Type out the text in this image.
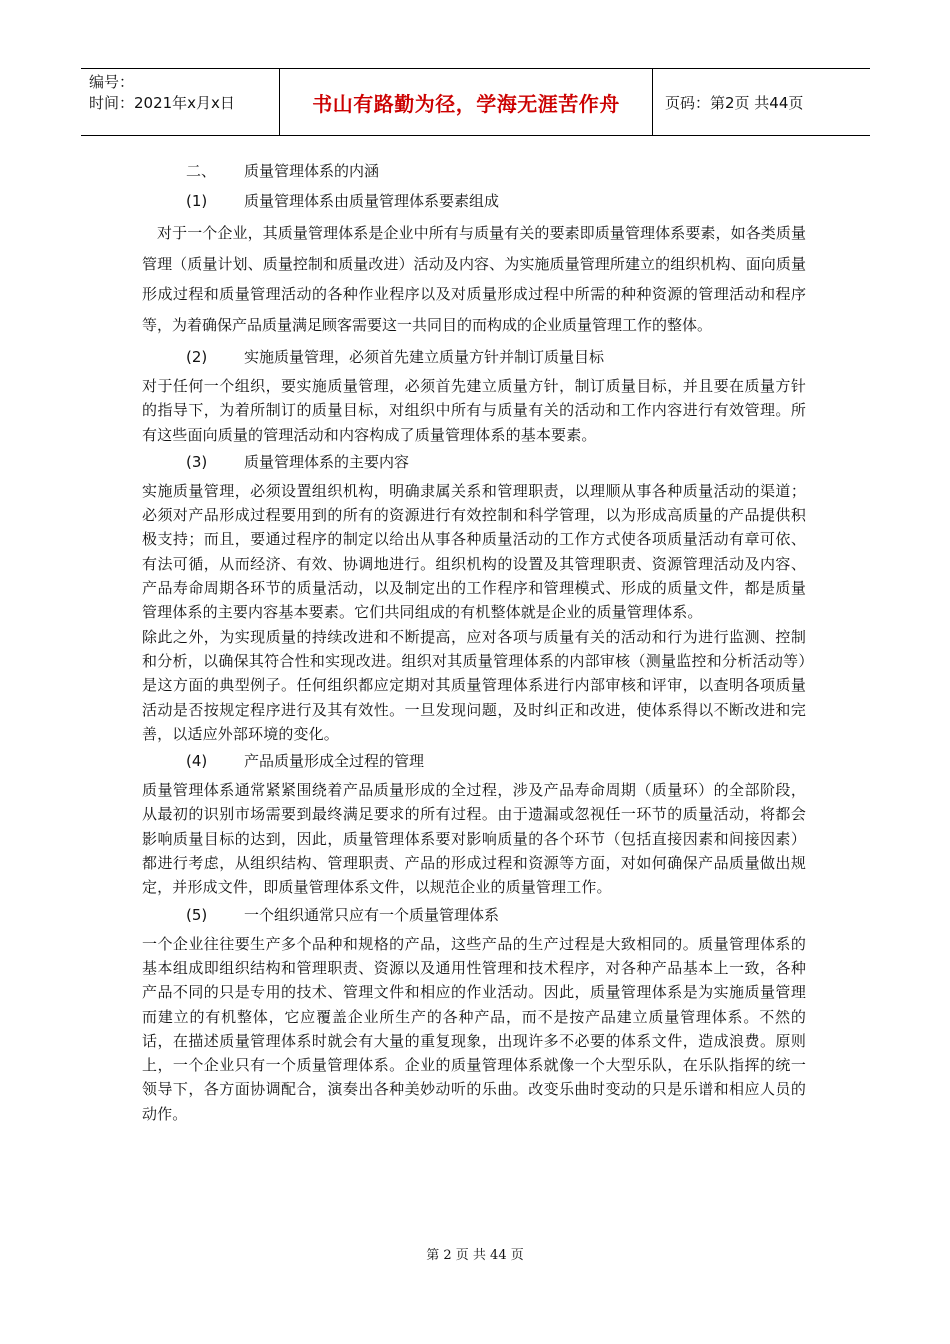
编号：
时间：2021年x月x日	书山有路勤为径，学海无涯苦作舟	页码：第2页 共44页
二、	质量管理体系的内涵
(1)	质量管理体系由质量管理体系要素组成

对于一个企业，其质量管理体系是企业中所有与质量有关的要素即质量管理体系要素，如各类质量管理（质量计划、质量控制和质量改进）活动及内容、为实施质量管理所建立的组织机构、面向质量形成过程和质量管理活动的各种作业程序以及对质量形成过程中所需的种种资源的管理活动和程序等，为着确保产品质量满足顾客需要这一共同目的而构成的企业质量管理工作的整体。

(2)	实施质量管理，必须首先建立质量方针并制订质量目标

对于任何一个组织，要实施质量管理，必须首先建立质量方针，制订质量目标，并且要在质量方针的指导下，为着所制订的质量目标，对组织中所有与质量有关的活动和工作内容进行有效管理。所有这些面向质量的管理活动和内容构成了质量管理体系的基本要素。

(3)	质量管理体系的主要内容

实施质量管理，必须设置组织机构，明确隶属关系和管理职责，以理顺从事各种质量活动的渠道；必须对产品形成过程要用到的所有的资源进行有效控制和科学管理，以为形成高质量的产品提供积极支持；而且，要通过程序的制定以给出从事各种质量活动的工作方式使各项质量活动有章可依、有法可循，从而经济、有效、协调地进行。组织机构的设置及其管理职责、资源管理活动及内容、产品寿命周期各环节的质量活动，以及制定出的工作程序和管理模式、形成的质量文件，都是质量管理体系的主要内容基本要素。它们共同组成的有机整体就是企业的质量管理体系。

除此之外，为实现质量的持续改进和不断提高，应对各项与质量有关的活动和行为进行监测、控制和分析，以确保其符合性和实现改进。组织对其质量管理体系的内部审核（测量监控和分析活动等）是这方面的典型例子。任何组织都应定期对其质量管理体系进行内部审核和评审，以查明各项质量活动是否按规定程序进行及其有效性。一旦发现问题，及时纠正和改进，使体系得以不断改进和完善，以适应外部环境的变化。

(4)	产品质量形成全过程的管理

质量管理体系通常紧紧围绕着产品质量形成的全过程，涉及产品寿命周期（质量环）的全部阶段，从最初的识别市场需要到最终满足要求的所有过程。由于遗漏或忽视任一环节的质量活动，将都会影响质量目标的达到，因此，质量管理体系要对影响质量的各个环节（包括直接因素和间接因素）都进行考虑，从组织结构、管理职责、产品的形成过程和资源等方面，对如何确保产品质量做出规定，并形成文件，即质量管理体系文件，以规范企业的质量管理工作。

(5)	一个组织通常只应有一个质量管理体系

一个企业往往要生产多个品种和规格的产品，这些产品的生产过程是大致相同的。质量管理体系的基本组成即组织结构和管理职责、资源以及通用性管理和技术程序，对各种产品基本上一致，各种产品不同的只是专用的技术、管理文件和相应的作业活动。因此，质量管理体系是为实施质量管理而建立的有机整体，它应覆盖企业所生产的各种产品，而不是按产品建立质量管理体系。不然的话，在描述质量管理体系时就会有大量的重复现象，出现许多不必要的体系文件，造成浪费。原则上，一个企业只有一个质量管理体系。企业的质量管理体系就像一个大型乐队，在乐队指挥的统一领导下，各方面协调配合，演奏出各种美妙动听的乐曲。改变乐曲时变动的只是乐谱和相应人员的动作。

第 2 页 共 44 页
